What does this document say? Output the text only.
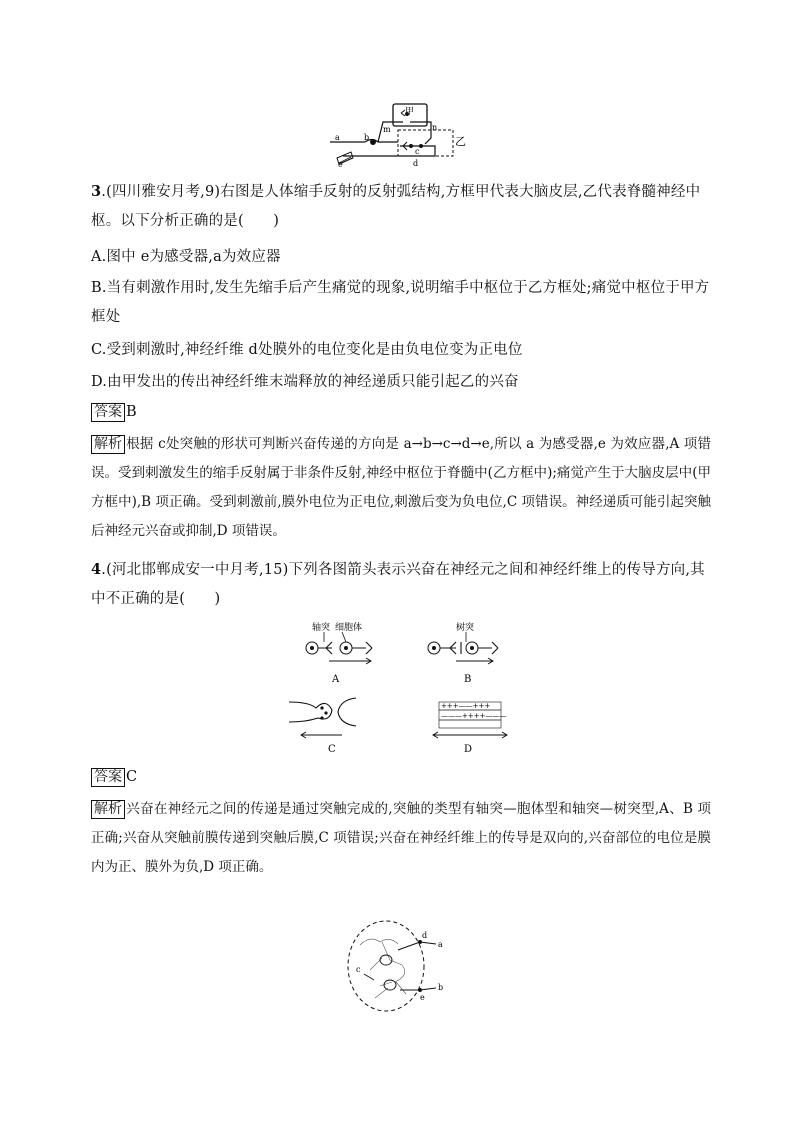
甲
乙
a	b
m	n
c
d
e
3.(四川雅安月考,9)右图是人体缩手反射的反射弧结构,方框甲代表大脑皮层,乙代表脊髓神经中枢。以下分析正确的是(　　)
A.图中 e为感受器,a为效应器
B.当有刺激作用时,发生先缩手后产生痛觉的现象,说明缩手中枢位于乙方框处;痛觉中枢位于甲方框处
C.受到刺激时,神经纤维 d处膜外的电位变化是由负电位变为正电位
D.由甲发出的传出神经纤维末端释放的神经递质只能引起乙的兴奋
答案 B
解析 根据 c处突触的形状可判断兴奋传递的方向是 a→b→c→d→e,所以 a 为感受器,e 为效应器,A 项错误。受到刺激发生的缩手反射属于非条件反射,神经中枢位于脊髓中(乙方框中);痛觉产生于大脑皮层中(甲方框中),B 项正确。受到刺激前,膜外电位为正电位,刺激后变为负电位,C 项错误。神经递质可能引起突触后神经元兴奋或抑制,D 项错误。
4.(河北邯郸成安一中月考,15)下列各图箭头表示兴奋在神经元之间和神经纤维上的传导方向,其中不正确的是(　　)
轴突 细胞体
A
树突
B
C
+++——+++
———++++———
D
答案 C
解析 兴奋在神经元之间的传递是通过突触完成的,突触的类型有轴突—胞体型和轴突—树突型,A、B 项正确;兴奋从突触前膜传递到突触后膜,C 项错误;兴奋在神经纤维上的传导是双向的,兴奋部位的电位是膜内为正、膜外为负,D 项正确。
d
a
c
e
b
